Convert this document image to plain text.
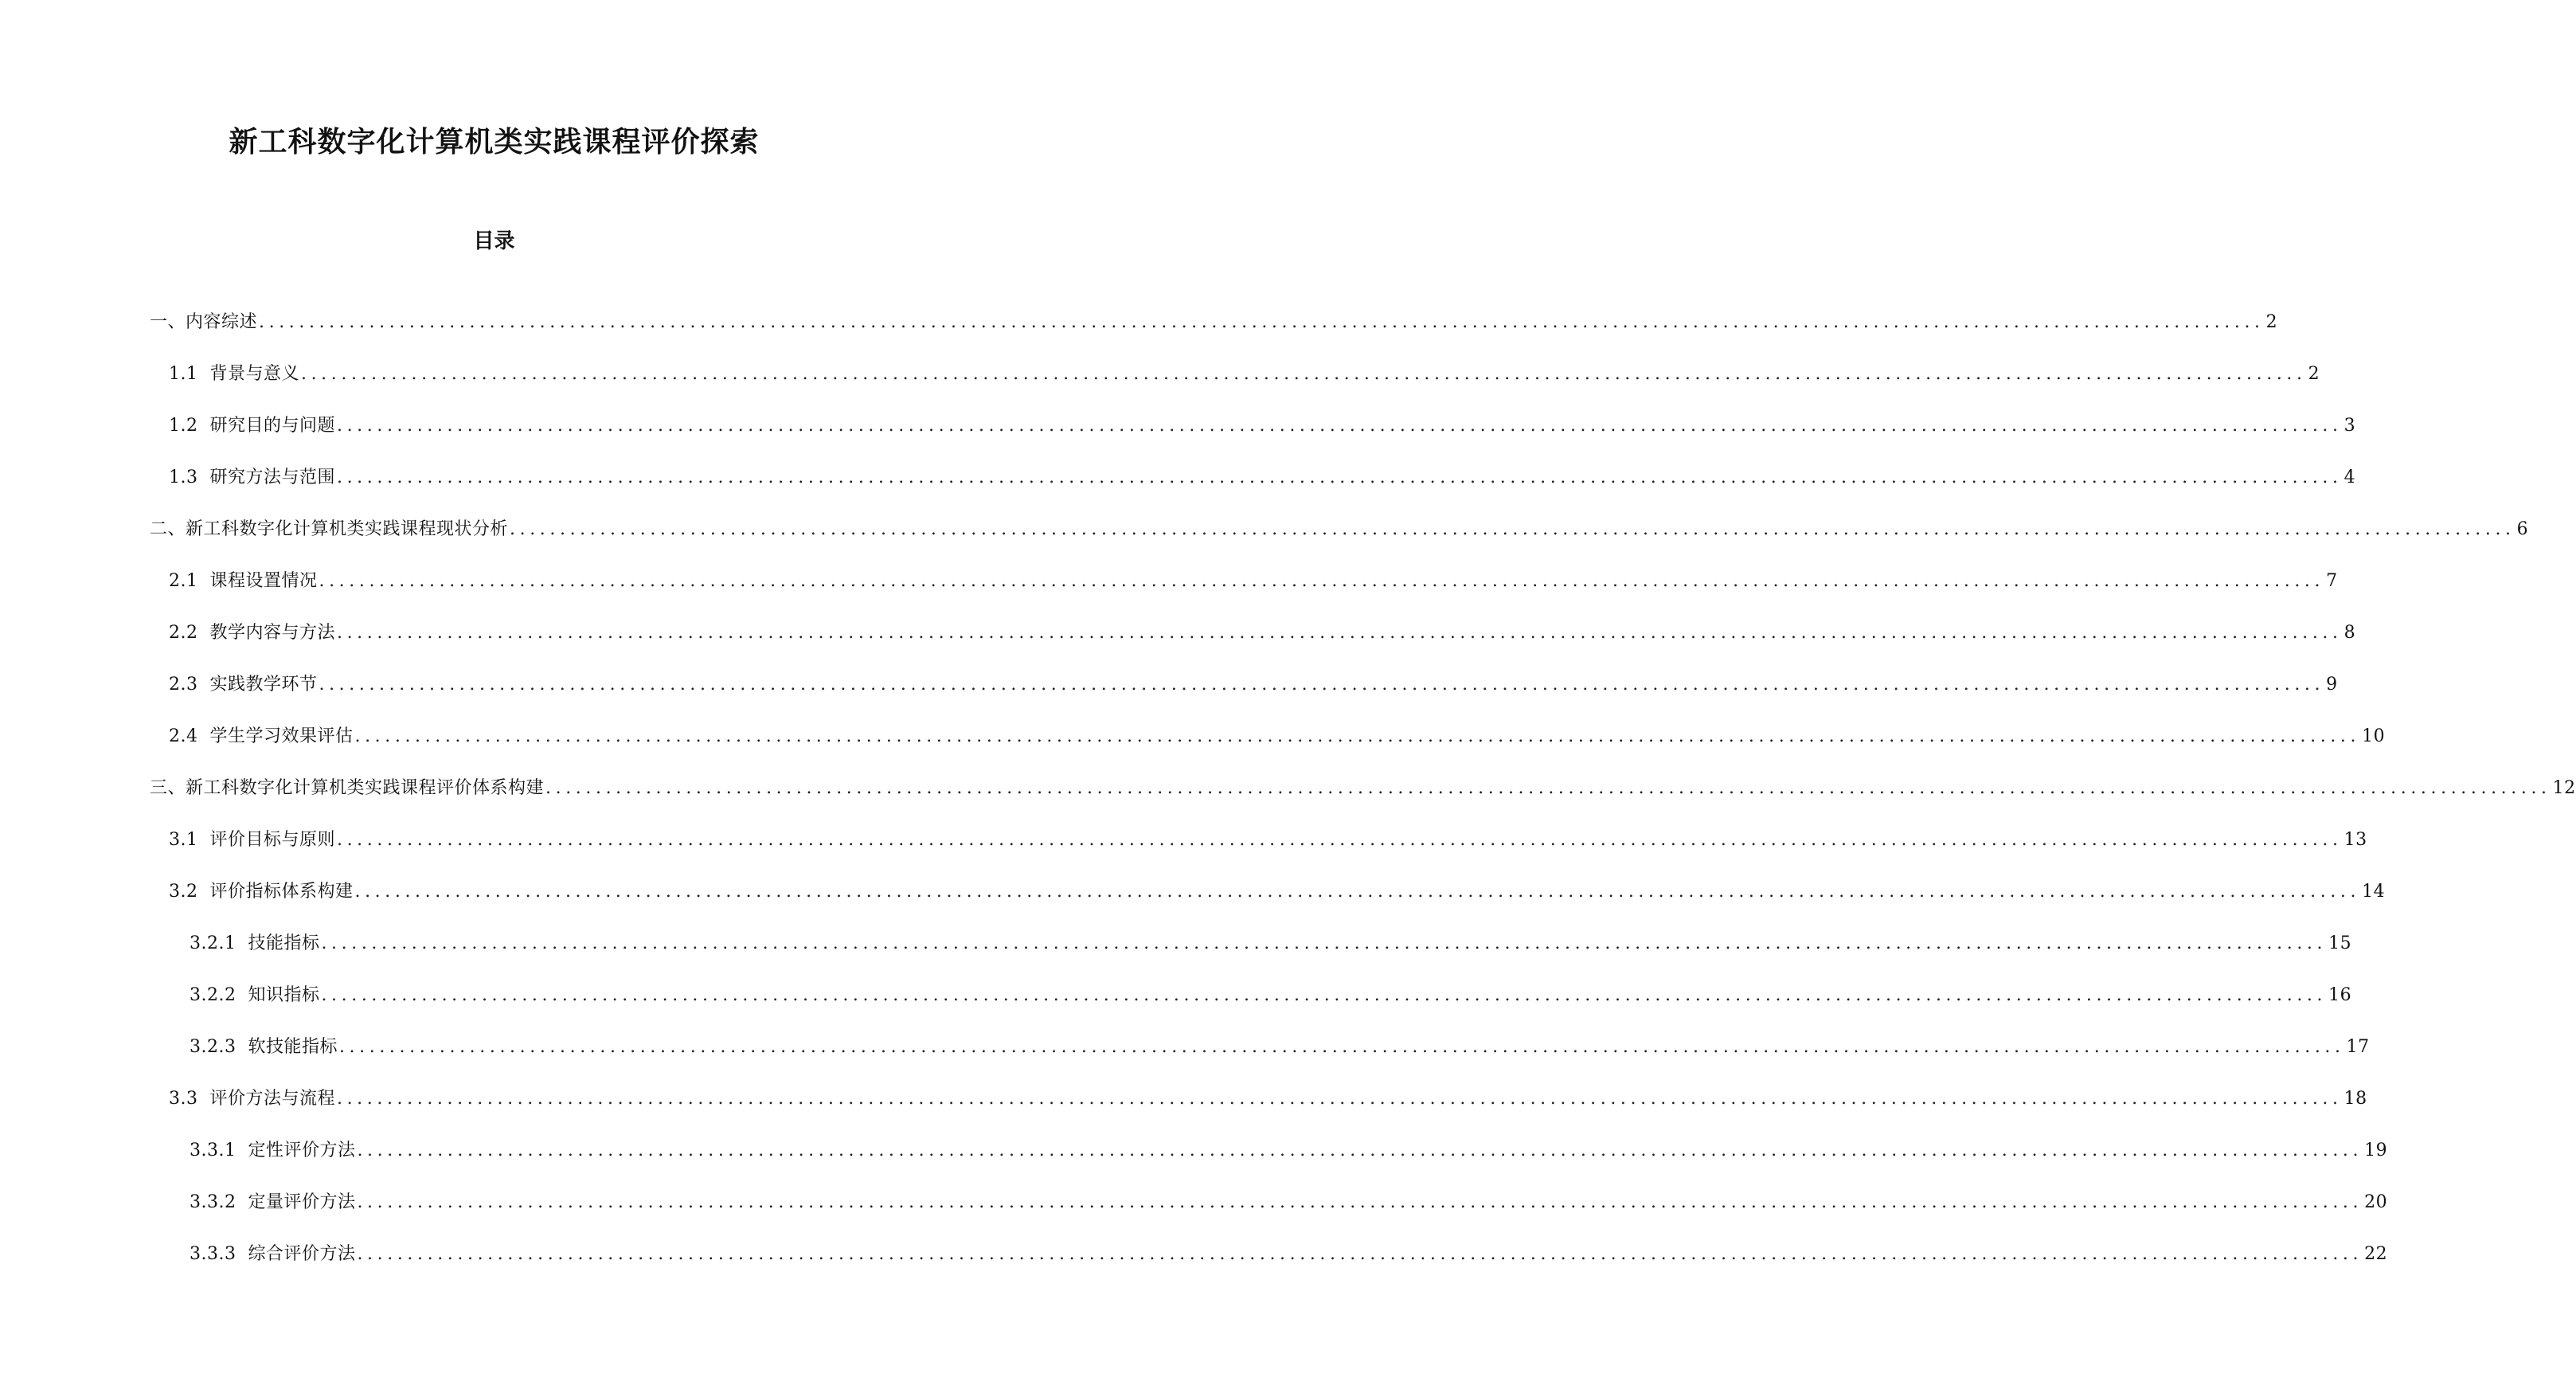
新工科数字化计算机类实践课程评价探索
目录
一、内容综述 ........................................................................................................................................................................................................ 2
1.1  背景与意义 ........................................................................................................................................................................................................ 2
1.2  研究目的与问题 ........................................................................................................................................................................................................ 3
1.3  研究方法与范围 ........................................................................................................................................................................................................ 4
二、新工科数字化计算机类实践课程现状分析 ........................................................................................................................................................................................................ 6
2.1  课程设置情况 ........................................................................................................................................................................................................ 7
2.2  教学内容与方法 ........................................................................................................................................................................................................ 8
2.3  实践教学环节 ........................................................................................................................................................................................................ 9
2.4  学生学习效果评估 ........................................................................................................................................................................................................ 10
三、新工科数字化计算机类实践课程评价体系构建 ........................................................................................................................................................................................................ 12
3.1  评价目标与原则 ........................................................................................................................................................................................................ 13
3.2  评价指标体系构建 ........................................................................................................................................................................................................ 14
3.2.1  技能指标 ........................................................................................................................................................................................................ 15
3.2.2  知识指标 ........................................................................................................................................................................................................ 16
3.2.3  软技能指标 ........................................................................................................................................................................................................ 17
3.3  评价方法与流程 ........................................................................................................................................................................................................ 18
3.3.1  定性评价方法 ........................................................................................................................................................................................................ 19
3.3.2  定量评价方法 ........................................................................................................................................................................................................ 20
3.3.3  综合评价方法 ........................................................................................................................................................................................................ 22
